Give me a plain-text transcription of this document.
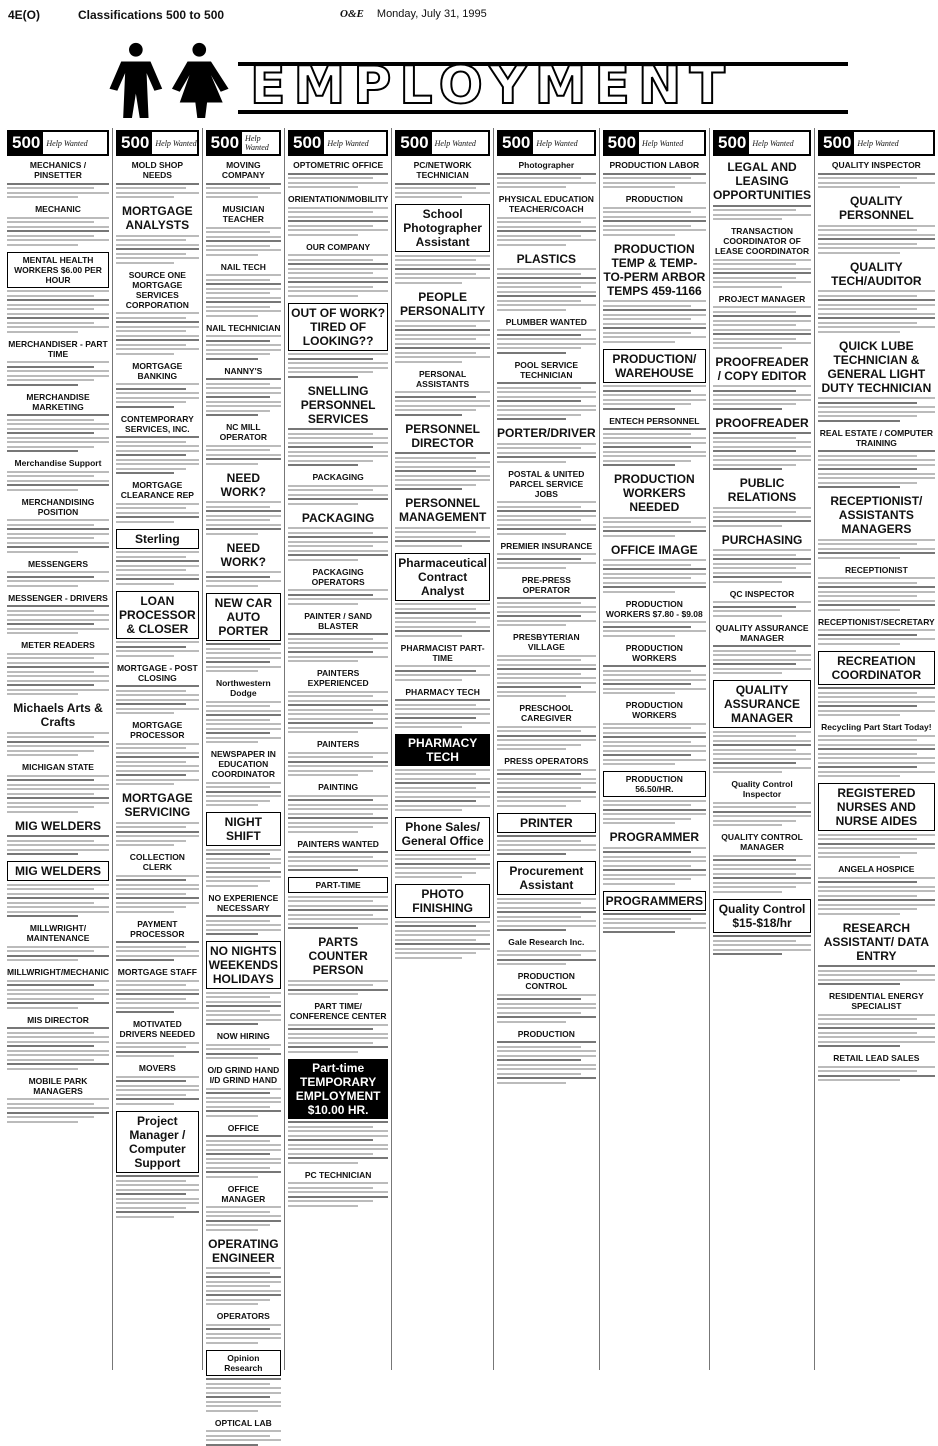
4E(O)	Classifications 500 to 500	O&E Monday, July 31, 1995
EMPLOYMENT
500 Help Wanted
MECHANICS / PINSETTER
MECHANIC
MENTAL HEALTH WORKERS $6.00 PER HOUR
MERCHANDISER - PART TIME
MERCHANDISE MARKETING
Merchandise Support
MERCHANDISING POSITION
MESSENGERS
MESSENGER - DRIVERS
METER READERS
Michaels Arts & Crafts
MICHIGAN STATE
MIG WELDERS
MIG WELDERS
MILLWRIGHT/ MAINTENANCE
MILLWRIGHT/MECHANIC
MIS DIRECTOR
MOBILE PARK MANAGERS
500 Help Wanted
MOLD SHOP NEEDS
MORTGAGE ANALYSTS
SOURCE ONE MORTGAGE SERVICES CORPORATION
MORTGAGE BANKING
CONTEMPORARY SERVICES, INC.
MORTGAGE CLEARANCE REP
Sterling
LOAN PROCESSOR & CLOSER
MORTGAGE - POST CLOSING
MORTGAGE PROCESSOR
MORTGAGE SERVICING
COLLECTION CLERK
PAYMENT PROCESSOR
MORTGAGE STAFF
MOTIVATED DRIVERS NEEDED
MOVERS
Project Manager / Computer Support
500 Help Wanted
MOVING COMPANY
MUSICIAN TEACHER
NAIL TECH
NAIL TECHNICIAN
NANNY'S
NC MILL OPERATOR
NEED WORK?
NEED WORK?
NEW CAR AUTO PORTER
Northwestern Dodge
NEWSPAPER IN EDUCATION COORDINATOR
NIGHT SHIFT
NO EXPERIENCE NECESSARY
NO NIGHTS WEEKENDS HOLIDAYS
NOW HIRING
O/D GRIND HAND I/D GRIND HAND
OFFICE
OFFICE MANAGER
OPERATING ENGINEER
OPERATORS
Opinion Research
OPTICAL LAB
500 Help Wanted
OPTOMETRIC OFFICE
ORIENTATION/MOBILITY
OUR COMPANY
OUT OF WORK? TIRED OF LOOKING??
SNELLING PERSONNEL SERVICES
PACKAGING
PACKAGING
PACKAGING OPERATORS
PAINTER / SAND BLASTER
PAINTERS EXPERIENCED
PAINTERS
PAINTING
PAINTERS WANTED
PART-TIME
PARTS COUNTER PERSON
PART TIME/ CONFERENCE CENTER
Part-time TEMPORARY EMPLOYMENT $10.00 HR.
PC TECHNICIAN
500 Help Wanted
PC/NETWORK TECHNICIAN
School Photographer Assistant
PEOPLE PERSONALITY
PERSONAL ASSISTANTS
PERSONNEL DIRECTOR
PERSONNEL MANAGEMENT
Pharmaceutical Contract Analyst
PHARMACIST PART-TIME
PHARMACY TECH
PHARMACY TECH
Phone Sales/ General Office
PHOTO FINISHING
500 Help Wanted
Photographer
PHYSICAL EDUCATION TEACHER/COACH
PLASTICS
PLUMBER WANTED
POOL SERVICE TECHNICIAN
PORTER/DRIVER
POSTAL & UNITED PARCEL SERVICE JOBS
PREMIER INSURANCE
PRE-PRESS OPERATOR
PRESBYTERIAN VILLAGE
PRESCHOOL CAREGIVER
PRESS OPERATORS
PRINTER
Procurement Assistant
Gale Research Inc.
PRODUCTION CONTROL
PRODUCTION
500 Help Wanted
PRODUCTION LABOR
PRODUCTION
PRODUCTION TEMP & TEMP-TO-PERM ARBOR TEMPS 459-1166
PRODUCTION/ WAREHOUSE
ENTECH PERSONNEL
PRODUCTION WORKERS NEEDED
OFFICE IMAGE
PRODUCTION WORKERS $7.80 - $9.08
PRODUCTION WORKERS
PRODUCTION WORKERS
PRODUCTION 56.50/HR.
PROGRAMMER
PROGRAMMERS
500 Help Wanted
LEGAL AND LEASING OPPORTUNITIES
TRANSACTION COORDINATOR OF LEASE COORDINATOR
PROJECT MANAGER
PROOFREADER / COPY EDITOR
PROOFREADER
PUBLIC RELATIONS
PURCHASING
QC INSPECTOR
QUALITY ASSURANCE MANAGER
QUALITY ASSURANCE MANAGER
Quality Control Inspector
QUALITY CONTROL MANAGER
Quality Control $15-$18/hr
500 Help Wanted
QUALITY INSPECTOR
QUALITY PERSONNEL
QUALITY TECH/AUDITOR
QUICK LUBE TECHNICIAN & GENERAL LIGHT DUTY TECHNICIAN
REAL ESTATE / COMPUTER TRAINING
RECEPTIONIST/ ASSISTANTS MANAGERS
RECEPTIONIST
RECEPTIONIST/SECRETARY
RECREATION COORDINATOR
Recycling Part Start Today!
REGISTERED NURSES AND NURSE AIDES
ANGELA HOSPICE
RESEARCH ASSISTANT/ DATA ENTRY
RESIDENTIAL ENERGY SPECIALIST
RETAIL LEAD SALES
